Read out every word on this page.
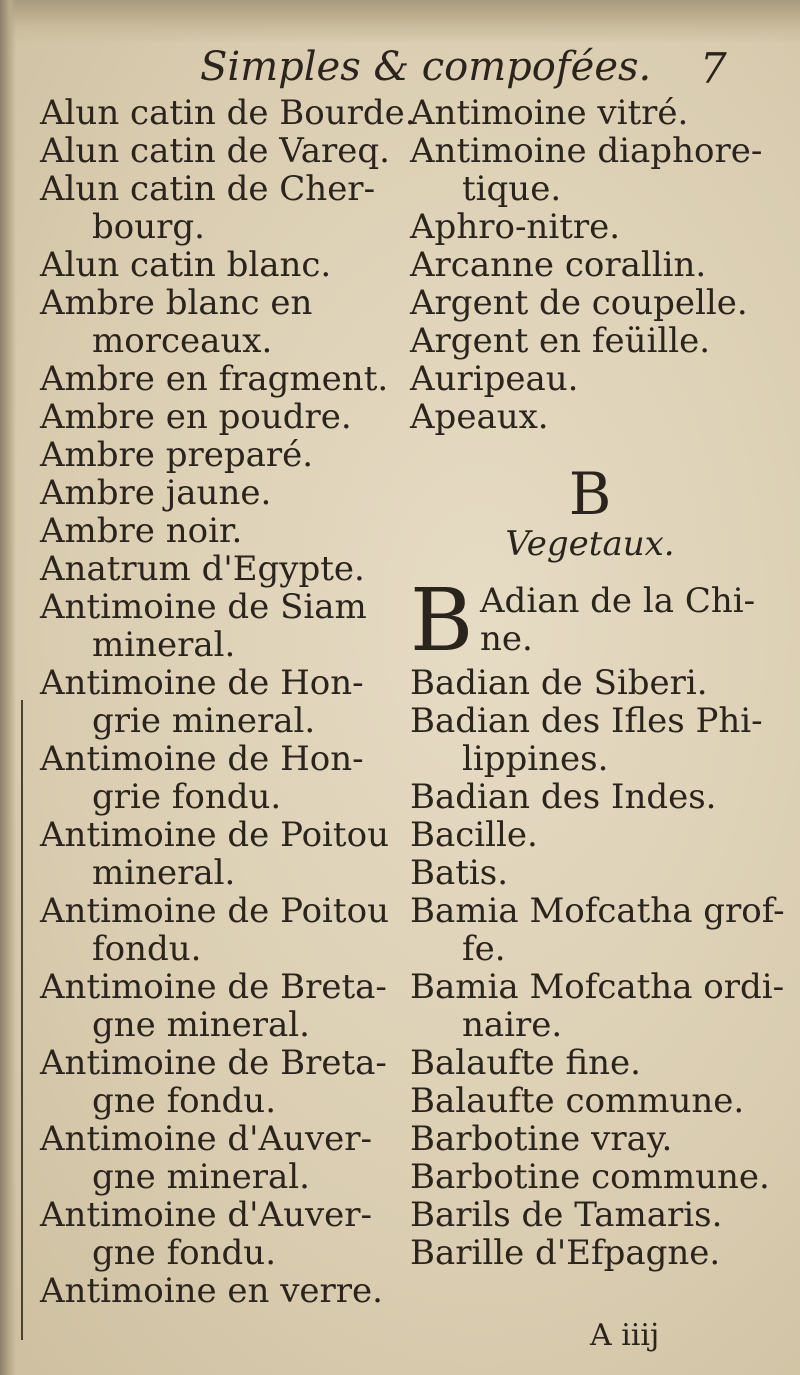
Simples & compofées. 7
Alun catin de Bourde.
Alun catin de Vareq.
Alun catin de Cher-
bourg.
Alun catin blanc.
Ambre blanc en
morceaux.
Ambre en fragment.
Ambre en poudre.
Ambre preparé.
Ambre jaune.
Ambre noir.
Anatrum d'Egypte.
Antimoine de Siam
mineral.
Antimoine de Hon-
grie mineral.
Antimoine de Hon-
grie fondu.
Antimoine de Poitou
mineral.
Antimoine de Poitou
fondu.
Antimoine de Breta-
gne mineral.
Antimoine de Breta-
gne fondu.
Antimoine d'Auver-
gne mineral.
Antimoine d'Auver-
gne fondu.
Antimoine en verre.
Antimoine vitré.
Antimoine diaphore-
tique.
Aphro-nitre.
Arcanne corallin.
Argent de coupelle.
Argent en feüille.
Auripeau.
Apeaux.
B
Vegetaux.
B Adian de la Chi-
ne.
Badian de Siberi.
Badian des Ifles Phi-
lippines.
Badian des Indes.
Bacille.
Batis.
Bamia Mofcatha grof-
fe.
Bamia Mofcatha ordi-
naire.
Balaufte fine.
Balaufte commune.
Barbotine vray.
Barbotine commune.
Barils de Tamaris.
Barille d'Efpagne.
A iiij
